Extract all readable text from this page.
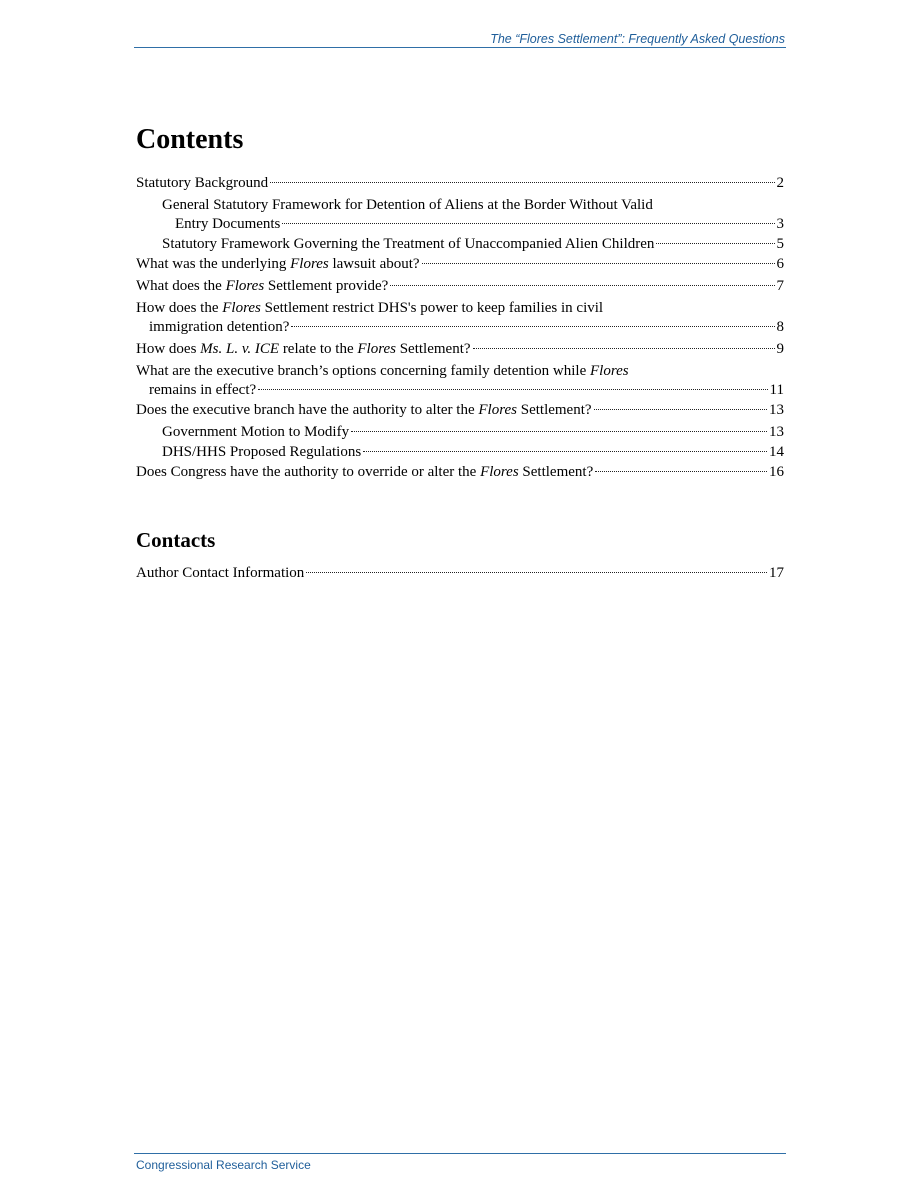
The “Flores Settlement”: Frequently Asked Questions
Contents
Statutory Background	2
General Statutory Framework for Detention of Aliens at the Border Without Valid
Entry Documents	3
Statutory Framework Governing the Treatment of Unaccompanied Alien Children	5
What was the underlying Flores lawsuit about?	6
What does the Flores Settlement provide?	7
How does the Flores Settlement restrict DHS's power to keep families in civil
immigration detention?	8
How does Ms. L. v. ICE relate to the Flores Settlement?	9
What are the executive branch’s options concerning family detention while Flores
remains in effect?	11
Does the executive branch have the authority to alter the Flores Settlement?	13
Government Motion to Modify	13
DHS/HHS Proposed Regulations	14
Does Congress have the authority to override or alter the Flores Settlement?	16
Contacts
Author Contact Information	17
Congressional Research Service
